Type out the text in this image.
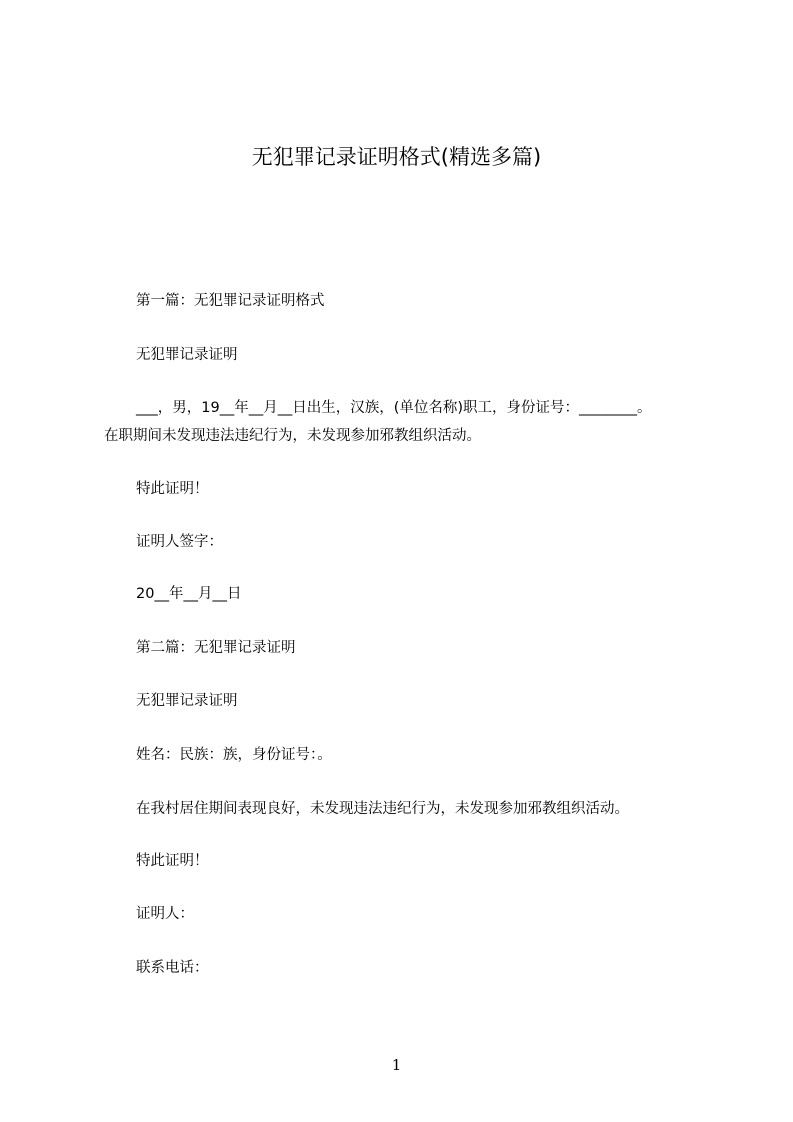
无犯罪记录证明格式(精选多篇)
第一篇：无犯罪记录证明格式
无犯罪记录证明
___，男，19__年__月__日出生，汉族，(单位名称)职工，身份证号：________。
在职期间未发现违法违纪行为，未发现参加邪教组织活动。
特此证明！
证明人签字：
20__年__月__日
第二篇：无犯罪记录证明
无犯罪记录证明
姓名：民族：族，身份证号：。
在我村居住期间表现良好，未发现违法违纪行为，未发现参加邪教组织活动。
特此证明！
证明人：
联系电话：
1
